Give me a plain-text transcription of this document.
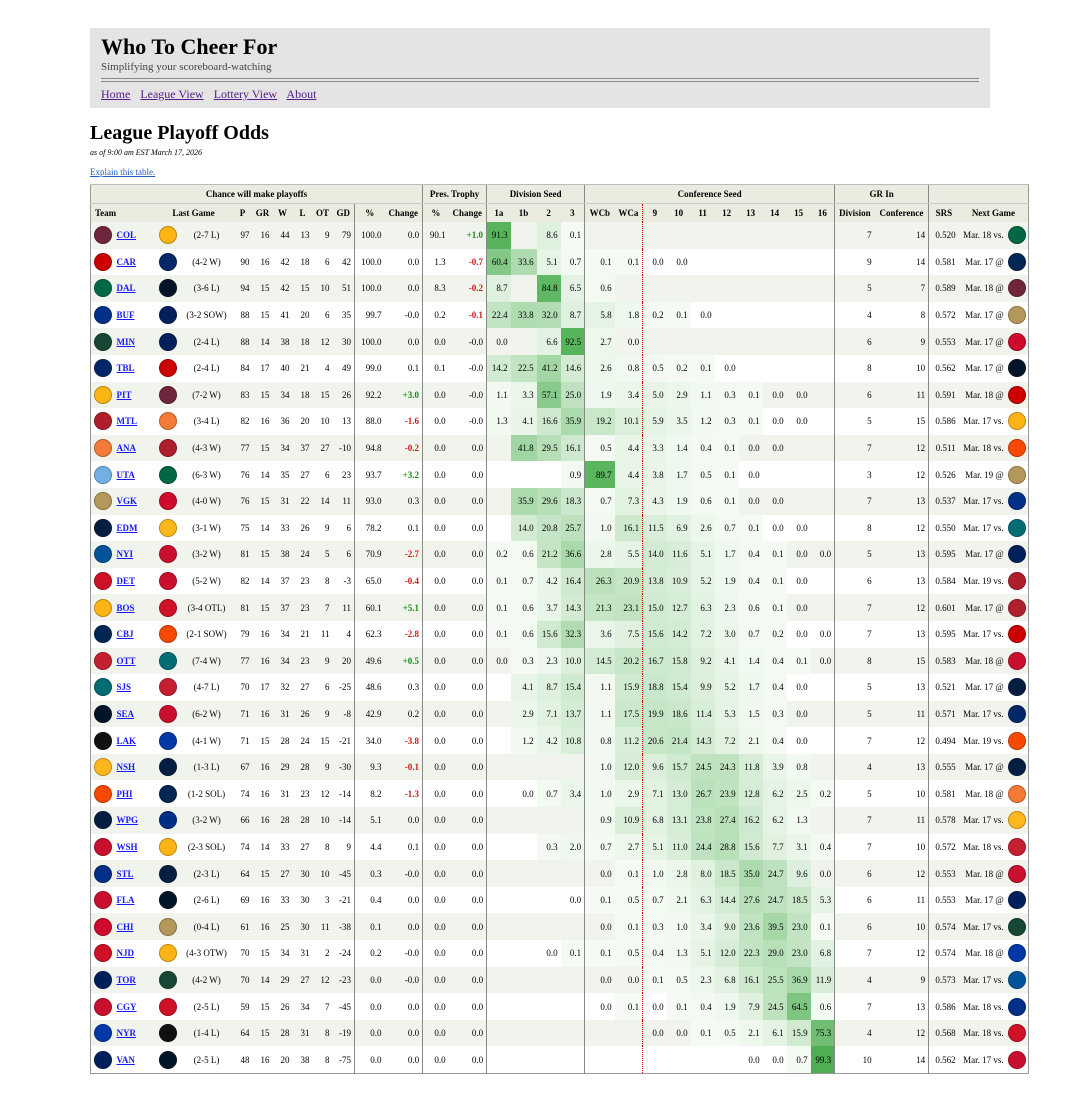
Who To Cheer For
Simplifying your scoreboard-watching
Home League View Lottery View About
League Playoff Odds
as of 9:00 am EST March 17, 2026
Explain this table.
Chance will make playoffs												Pres. Trophy		Division Seed				Conference Seed										GR In				
Team		Last Game		P	GR	W	L	OT	GD	%	Change	%	Change	1a	1b	2	3	WCb	WCa	9	10	11	12	13	14	15	16	Division	Conference	SRS	Next Game	
	COL		(2-7 L)	97	16	44	13	9	79	100.0	0.0	90.1	+1.0	91.3		8.6	0.1											7	14	0.520	Mar. 18 vs.	
	CAR		(4-2 W)	90	16	42	18	6	42	100.0	0.0	1.3	-0.7	60.4	33.6	5.1	0.7	0.1	0.1	0.0	0.0							9	14	0.581	Mar. 17 @	
	DAL		(3-6 L)	94	15	42	15	10	51	100.0	0.0	8.3	-0.2	8.7		84.8	6.5	0.6										5	7	0.589	Mar. 18 @	
	BUF		(3-2 SOW)	88	15	41	20	6	35	99.7	-0.0	0.2	-0.1	22.4	33.8	32.0	8.7	5.8	1.8	0.2	0.1	0.0						4	8	0.572	Mar. 17 @	
	MIN		(2-4 L)	88	14	38	18	12	30	100.0	0.0	0.0	-0.0	0.0		6.6	92.5	2.7	0.0									6	9	0.553	Mar. 17 @	
	TBL		(2-4 L)	84	17	40	21	4	49	99.0	0.1	0.1	-0.0	14.2	22.5	41.2	14.6	2.6	0.8	0.5	0.2	0.1	0.0					8	10	0.562	Mar. 17 @	
	PIT		(7-2 W)	83	15	34	18	15	26	92.2	+3.0	0.0	-0.0	1.1	3.3	57.1	25.0	1.9	3.4	5.0	2.9	1.1	0.3	0.1	0.0	0.0		6	11	0.591	Mar. 18 @	
	MTL		(3-4 L)	82	16	36	20	10	13	88.0	-1.6	0.0	-0.0	1.3	4.1	16.6	35.9	19.2	10.1	5.9	3.5	1.2	0.3	0.1	0.0	0.0		5	15	0.586	Mar. 17 vs.	
	ANA		(4-3 W)	77	15	34	37	27	-10	94.8	-0.2	0.0	0.0		41.8	29.5	16.1	0.5	4.4	3.3	1.4	0.4	0.1	0.0	0.0			7	12	0.511	Mar. 18 vs.	
	UTA		(6-3 W)	76	14	35	27	6	23	93.7	+3.2	0.0	0.0				0.9	89.7	4.4	3.8	1.7	0.5	0.1	0.0				3	12	0.526	Mar. 19 @	
	VGK		(4-0 W)	76	15	31	22	14	11	93.0	0.3	0.0	0.0		35.9	29.6	18.3	0.7	7.3	4.3	1.9	0.6	0.1	0.0	0.0			7	13	0.537	Mar. 17 vs.	
	EDM		(3-1 W)	75	14	33	26	9	6	78.2	0.1	0.0	0.0		14.0	20.8	25.7	1.0	16.1	11.5	6.9	2.6	0.7	0.1	0.0	0.0		8	12	0.550	Mar. 17 vs.	
	NYI		(3-2 W)	81	15	38	24	5	6	70.9	-2.7	0.0	0.0	0.2	0.6	21.2	36.6	2.8	5.5	14.0	11.6	5.1	1.7	0.4	0.1	0.0	0.0	5	13	0.595	Mar. 17 @	
	DET		(5-2 W)	82	14	37	23	8	-3	65.0	-0.4	0.0	0.0	0.1	0.7	4.2	16.4	26.3	20.9	13.8	10.9	5.2	1.9	0.4	0.1	0.0		6	13	0.584	Mar. 19 vs.	
	BOS		(3-4 OTL)	81	15	37	23	7	11	60.1	+5.1	0.0	0.0	0.1	0.6	3.7	14.3	21.3	23.1	15.0	12.7	6.3	2.3	0.6	0.1	0.0		7	12	0.601	Mar. 17 @	
	CBJ		(2-1 SOW)	79	16	34	21	11	4	62.3	-2.8	0.0	0.0	0.1	0.6	15.6	32.3	3.6	7.5	15.6	14.2	7.2	3.0	0.7	0.2	0.0	0.0	7	13	0.595	Mar. 17 vs.	
	OTT		(7-4 W)	77	16	34	23	9	20	49.6	+0.5	0.0	0.0	0.0	0.3	2.3	10.0	14.5	20.2	16.7	15.8	9.2	4.1	1.4	0.4	0.1	0.0	8	15	0.583	Mar. 18 @	
	SJS		(4-7 L)	70	17	32	27	6	-25	48.6	0.3	0.0	0.0		4.1	8.7	15.4	1.1	15.9	18.8	15.4	9.9	5.2	1.7	0.4	0.0		5	13	0.521	Mar. 17 @	
	SEA		(6-2 W)	71	16	31	26	9	-8	42.9	0.2	0.0	0.0		2.9	7.1	13.7	1.1	17.5	19.9	18.6	11.4	5.3	1.5	0.3	0.0		5	11	0.571	Mar. 17 vs.	
	LAK		(4-1 W)	71	15	28	24	15	-21	34.0	-3.8	0.0	0.0		1.2	4.2	10.8	0.8	11.2	20.6	21.4	14.3	7.2	2.1	0.4	0.0		7	12	0.494	Mar. 19 vs.	
	NSH		(1-3 L)	67	16	29	28	9	-30	9.3	-0.1	0.0	0.0					1.0	12.0	9.6	15.7	24.5	24.3	11.8	3.9	0.8		4	13	0.555	Mar. 17 @	
	PHI		(1-2 SOL)	74	16	31	23	12	-14	8.2	-1.3	0.0	0.0		0.0	0.7	3.4	1.0	2.9	7.1	13.0	26.7	23.9	12.8	6.2	2.5	0.2	5	10	0.581	Mar. 18 @	
	WPG		(3-2 W)	66	16	28	28	10	-14	5.1	0.0	0.0	0.0					0.9	10.9	6.8	13.1	23.8	27.4	16.2	6.2	1.3		7	11	0.578	Mar. 17 vs.	
	WSH		(2-3 SOL)	74	14	33	27	8	9	4.4	0.1	0.0	0.0			0.3	2.0	0.7	2.7	5.1	11.0	24.4	28.8	15.6	7.7	3.1	0.4	7	10	0.572	Mar. 18 vs.	
	STL		(2-3 L)	64	15	27	30	10	-45	0.3	-0.0	0.0	0.0					0.0	0.1	1.0	2.8	8.0	18.5	35.0	24.7	9.6	0.0	6	12	0.553	Mar. 18 @	
	FLA		(2-6 L)	69	16	33	30	3	-21	0.4	0.0	0.0	0.0				0.0	0.1	0.5	0.7	2.1	6.3	14.4	27.6	24.7	18.5	5.3	6	11	0.553	Mar. 17 @	
	CHI		(0-4 L)	61	16	25	30	11	-38	0.1	0.0	0.0	0.0					0.0	0.1	0.3	1.0	3.4	9.0	23.6	39.5	23.0	0.1	6	10	0.574	Mar. 17 vs.	
	NJD		(4-3 OTW)	70	15	34	31	2	-24	0.2	-0.0	0.0	0.0			0.0	0.1	0.1	0.5	0.4	1.3	5.1	12.0	22.3	29.0	23.0	6.8	7	12	0.574	Mar. 18 @	
	TOR		(4-2 W)	70	14	29	27	12	-23	0.0	-0.0	0.0	0.0					0.0	0.0	0.1	0.5	2.3	6.8	16.1	25.5	36.9	11.9	4	9	0.573	Mar. 17 vs.	
	CGY		(2-5 L)	59	15	26	34	7	-45	0.0	0.0	0.0	0.0					0.0	0.1	0.0	0.1	0.4	1.9	7.9	24.5	64.5	0.6	7	13	0.586	Mar. 18 vs.	
	NYR		(1-4 L)	64	15	28	31	8	-19	0.0	0.0	0.0	0.0							0.0	0.0	0.1	0.5	2.1	6.1	15.9	75.3	4	12	0.568	Mar. 18 vs.	
	VAN		(2-5 L)	48	16	20	38	8	-75	0.0	0.0	0.0	0.0											0.0	0.0	0.7	99.3	10	14	0.562	Mar. 17 vs.	
